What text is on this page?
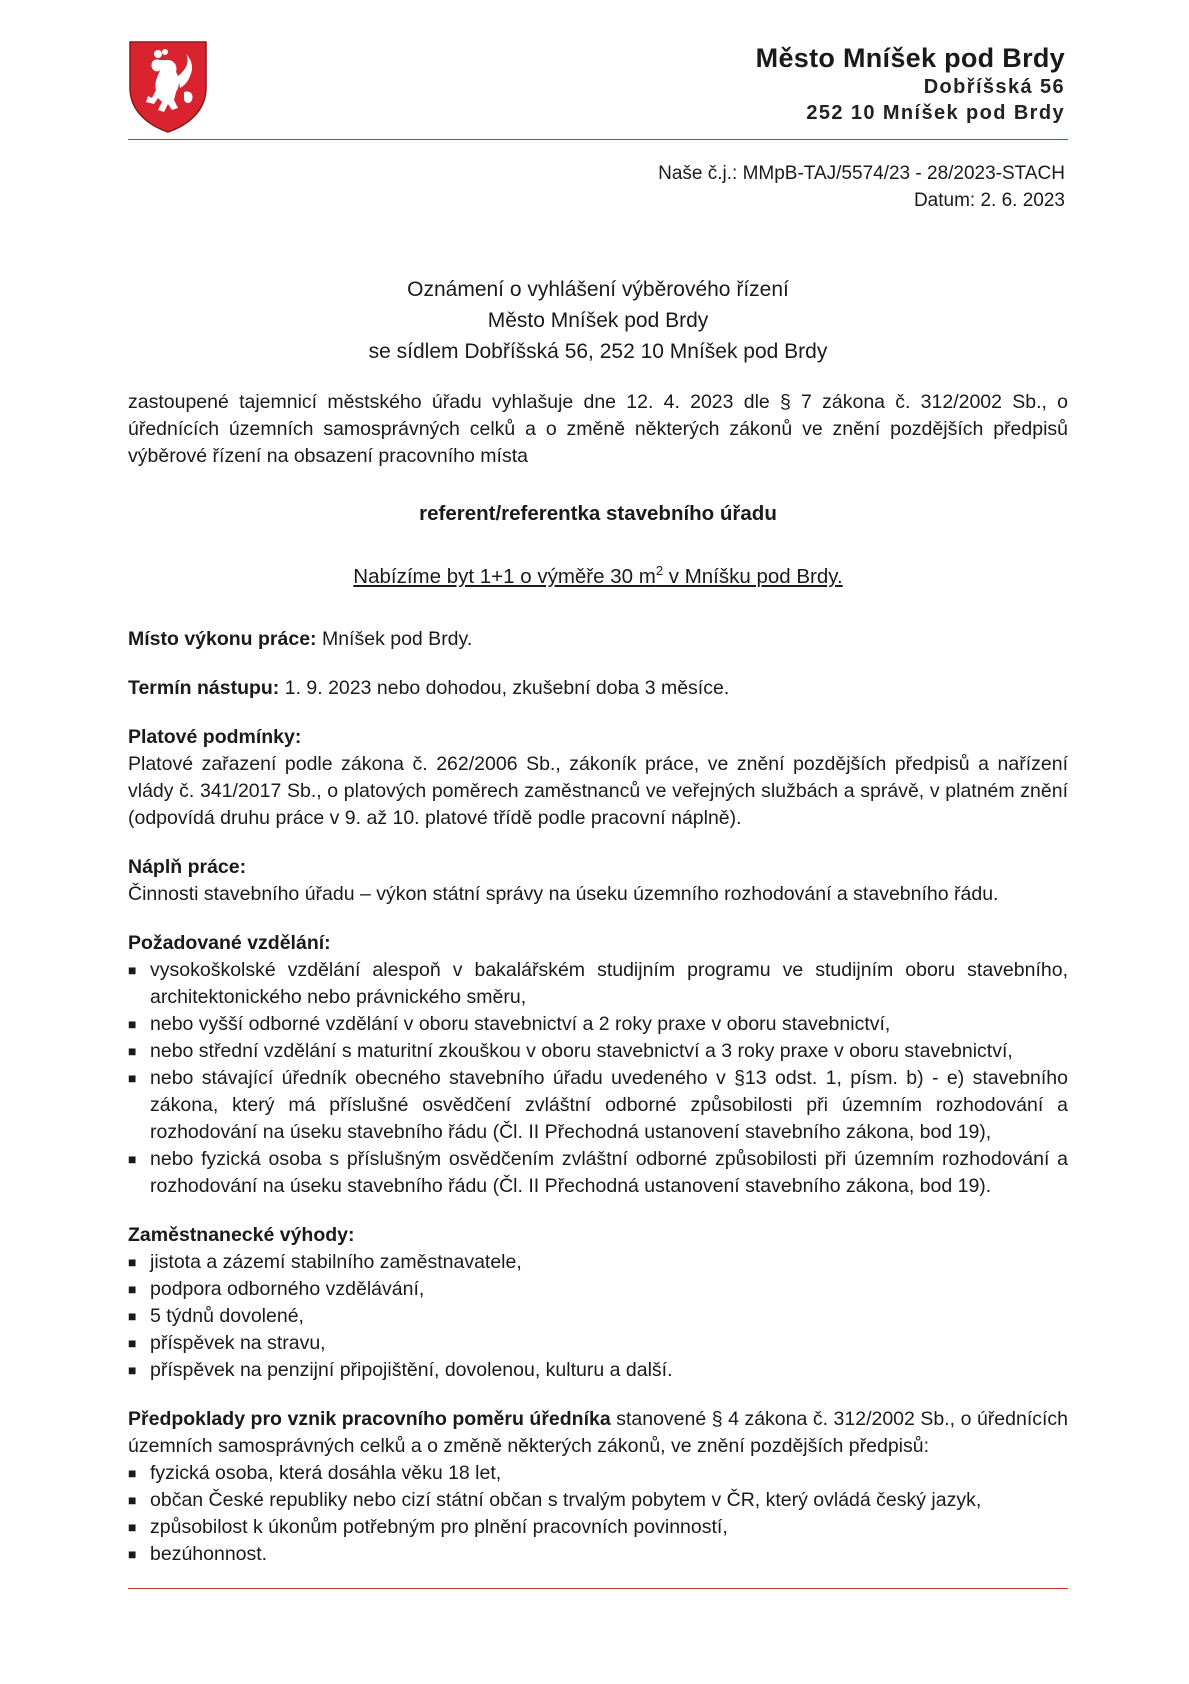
Město Mníšek pod Brdy
Dobříšská 56
252 10 Mníšek pod Brdy
Naše č.j.: MMpB-TAJ/5574/23 - 28/2023-STACH
Datum: 2. 6. 2023
Oznámení o vyhlášení výběrového řízení
Město Mníšek pod Brdy
se sídlem Dobříšská 56, 252 10 Mníšek pod Brdy

zastoupené tajemnicí městského úřadu vyhlašuje dne 12. 4. 2023 dle § 7 zákona č. 312/2002 Sb., o úřednících územních samosprávných celků a o změně některých zákonů ve znění pozdějších předpisů výběrové řízení na obsazení pracovního místa

referent/referentka stavebního úřadu

Nabízíme byt 1+1 o výměře 30 $m^2$ v Mníšku pod Brdy.

Místo výkonu práce: Mníšek pod Brdy.

Termín nástupu: 1. 9. 2023 nebo dohodou, zkušební doba 3 měsíce.

Platové podmínky:

Platové zařazení podle zákona č. 262/2006 Sb., zákoník práce, ve znění pozdějších předpisů a nařízení vlády č. 341/2017 Sb., o platových poměrech zaměstnanců ve veřejných službách a správě, v platném znění (odpovídá druhu práce v 9. až 10. platové třídě podle pracovní náplně).

Náplň práce:

Činnosti stavebního úřadu – výkon státní správy na úseku územního rozhodování a stavebního řádu.

Požadované vzdělání:

■ vysokoškolské vzdělání alespoň v bakalářském studijním programu ve studijním oboru stavebního, architektonického nebo právnického směru,
■ nebo vyšší odborné vzdělání v oboru stavebnictví a 2 roky praxe v oboru stavebnictví,
■ nebo střední vzdělání s maturitní zkouškou v oboru stavebnictví a 3 roky praxe v oboru stavebnictví,
■ nebo stávající úředník obecného stavebního úřadu uvedeného v §13 odst. 1, písm. b) - e) stavebního zákona, který má příslušné osvědčení zvláštní odborné způsobilosti při územním rozhodování a rozhodování na úseku stavebního řádu (Čl. II Přechodná ustanovení stavebního zákona, bod 19),
■ nebo fyzická osoba s příslušným osvědčením zvláštní odborné způsobilosti při územním rozhodování a rozhodování na úseku stavebního řádu (Čl. II Přechodná ustanovení stavebního zákona, bod 19).

Zaměstnanecké výhody:

■ jistota a zázemí stabilního zaměstnavatele,
■ podpora odborného vzdělávání,
■ 5 týdnů dovolené,
■ příspěvek na stravu,
■ příspěvek na penzijní připojištění, dovolenou, kulturu a další.

Předpoklady pro vznik pracovního poměru úředníka stanovené § 4 zákona č. 312/2002 Sb., o úřednících územních samosprávných celků a o změně některých zákonů, ve znění pozdějších předpisů:

■ fyzická osoba, která dosáhla věku 18 let,
■ občan České republiky nebo cizí státní občan s trvalým pobytem v ČR, který ovládá český jazyk,
■ způsobilost k úkonům potřebným pro plnění pracovních povinností,
■ bezúhonnost.
